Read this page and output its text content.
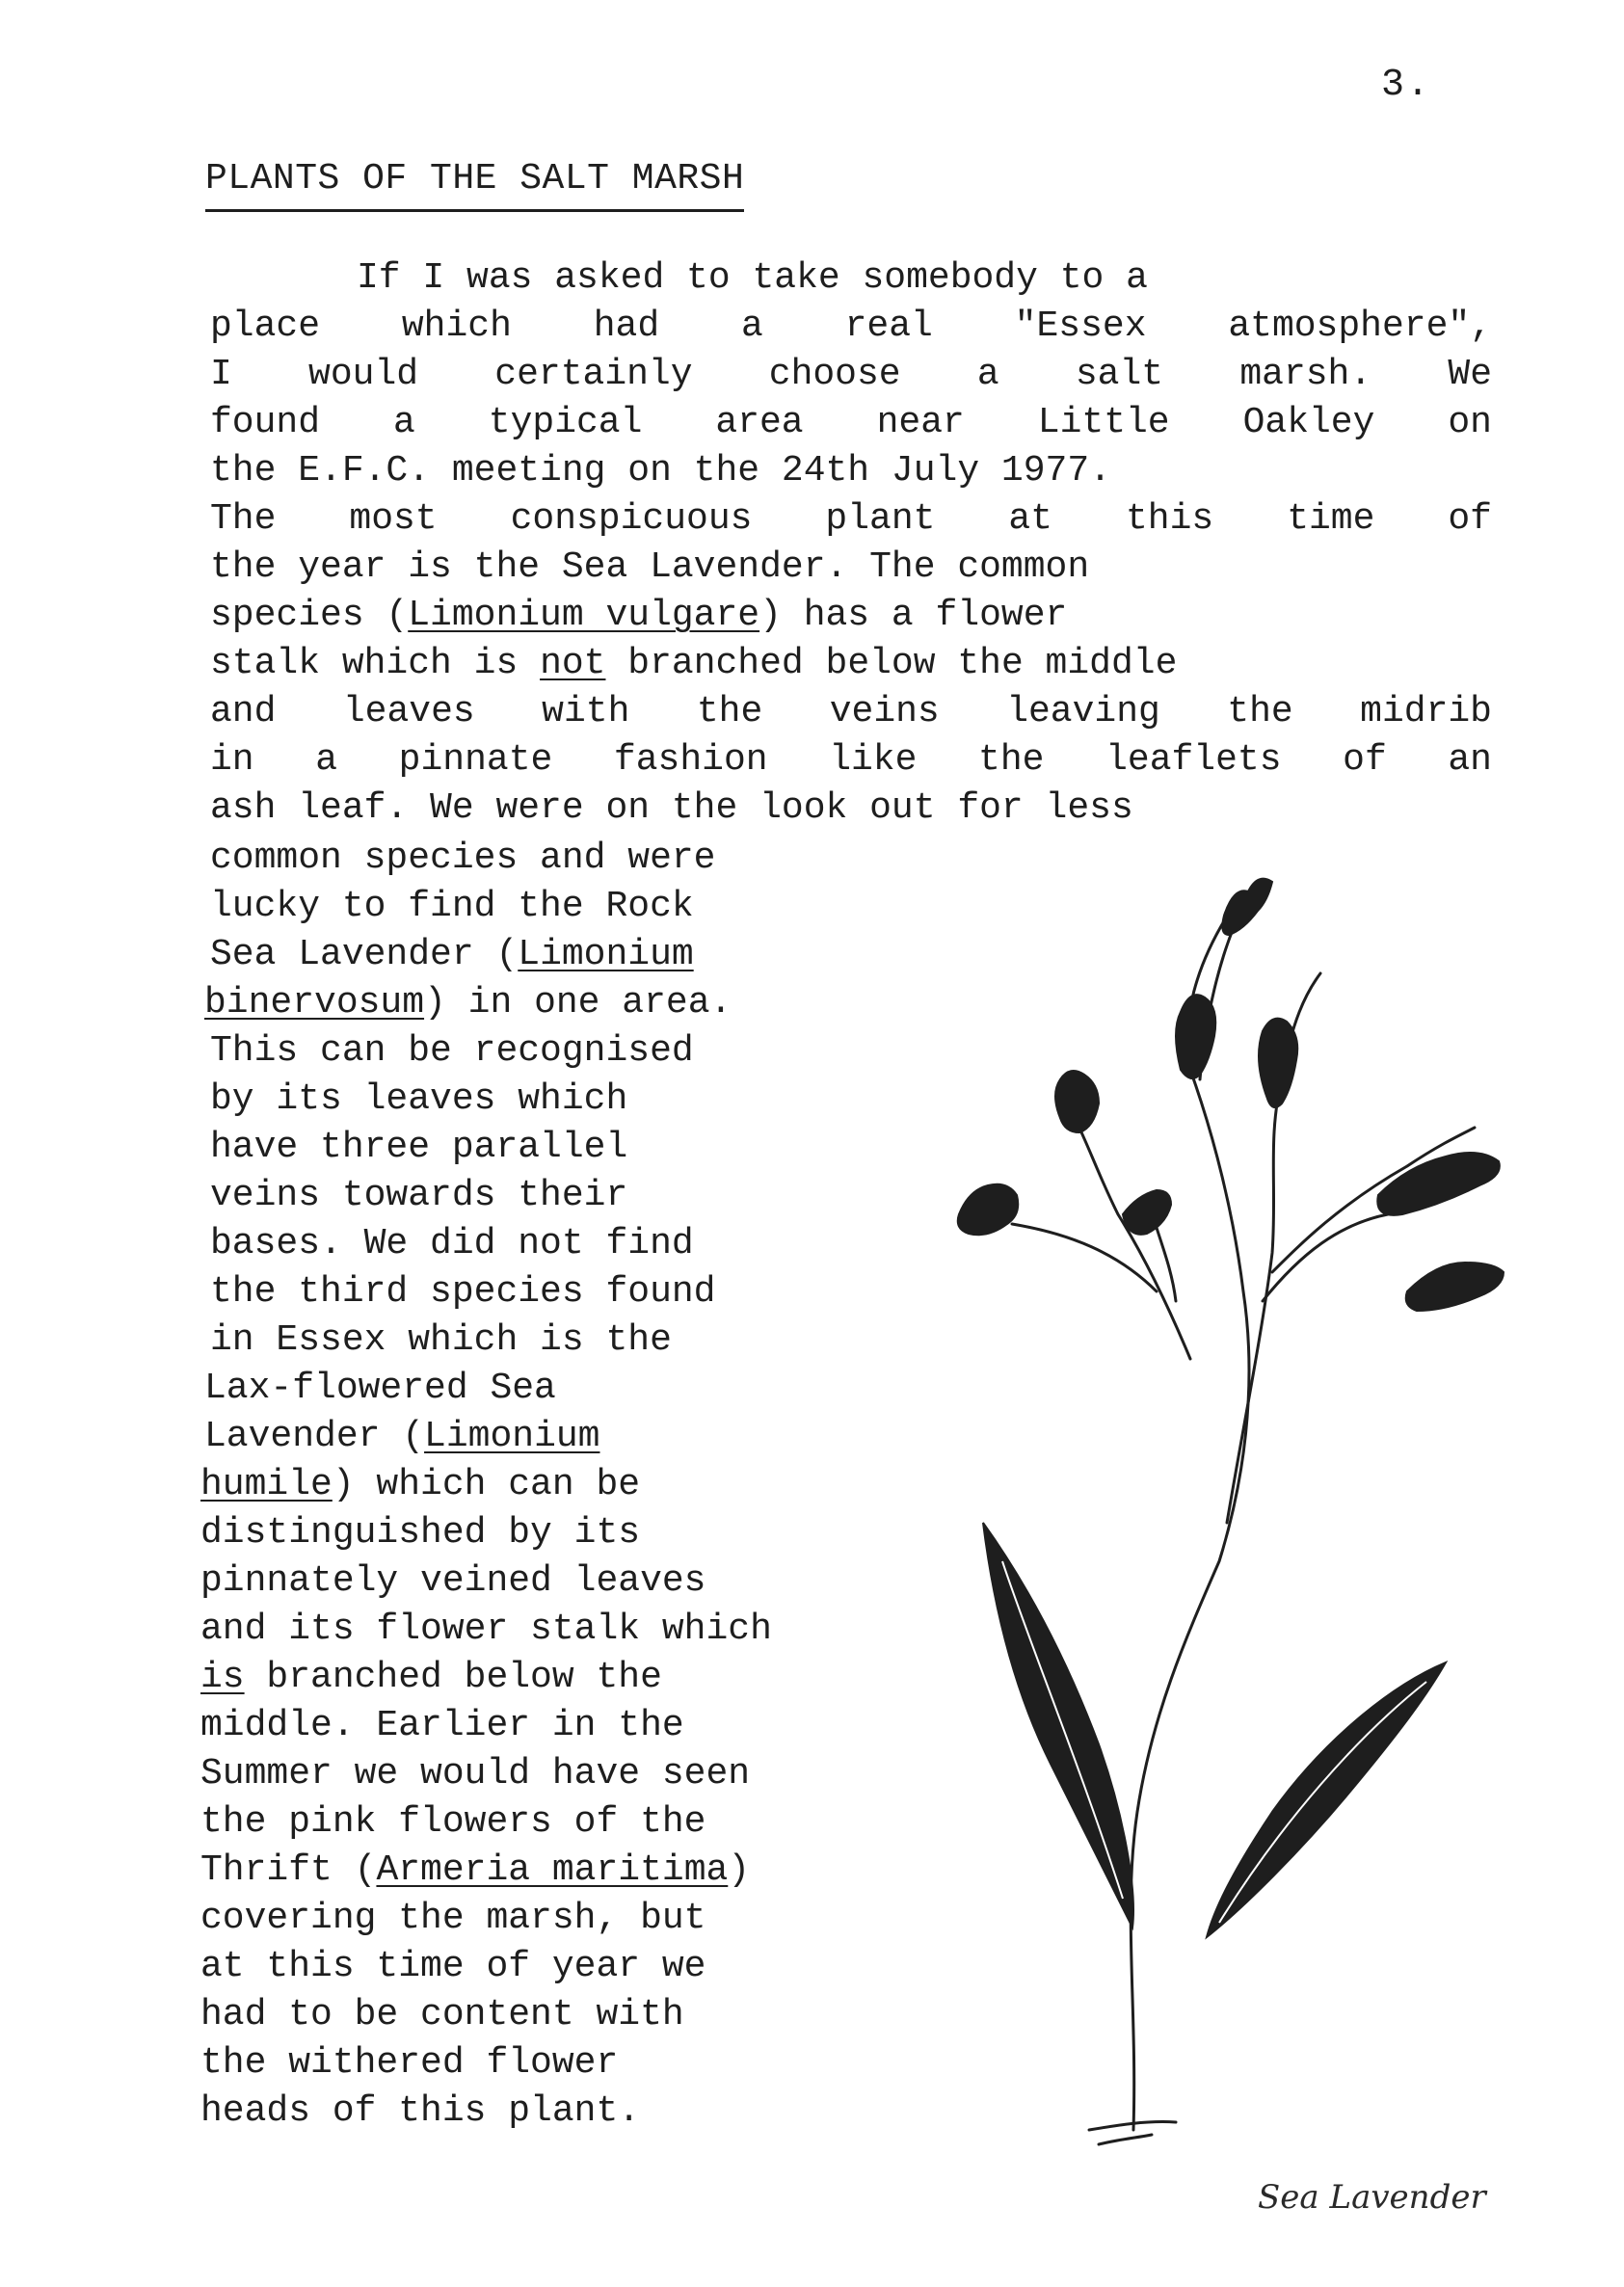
3.
PLANTS OF THE SALT MARSH
If I was asked to take somebody to a
place which had a real "Essex atmosphere",
I would certainly choose a salt marsh. We
found a typical area near Little Oakley on
the E.F.C. meeting on the 24th July 1977.
The most conspicuous plant at this time of
the year is the Sea Lavender. The common
species (Limonium vulgare) has a flower
stalk which is not branched below the middle
and leaves with the veins leaving the midrib
in a pinnate fashion like the leaflets of an
ash leaf. We were on the look out for less
common species and were
lucky to find the Rock
Sea Lavender (Limonium
binervosum) in one area.
This can be recognised
by its leaves which
have three parallel
veins towards their
bases. We did not find
the third species found
in Essex which is the
Lax-flowered Sea
Lavender (Limonium
humile) which can be
distinguished by its
pinnately veined leaves
and its flower stalk which
is branched below the
middle. Earlier in the
Summer we would have seen
the pink flowers of the
Thrift (Armeria maritima)
covering the marsh, but
at this time of year we
had to be content with
the withered flower
heads of this plant.
Sea Lavender
